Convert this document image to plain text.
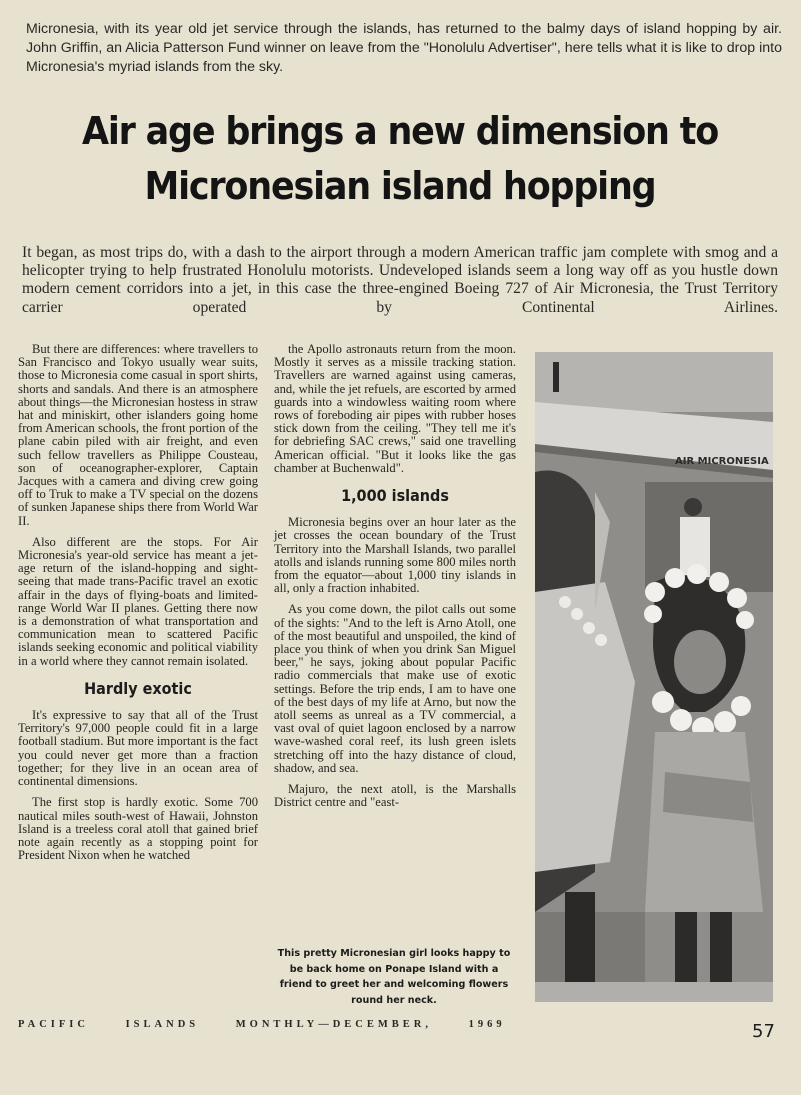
Micronesia, with its year old jet service through the islands, has returned to the balmy days of island hopping by air. John Griffin, an Alicia Patterson Fund winner on leave from the "Honolulu Advertiser", here tells what it is like to drop into Micronesia's myriad islands from the sky.
Air age brings a new dimension to
Micronesian island hopping
It began, as most trips do, with a dash to the airport through a modern American traffic jam complete with smog and a helicopter trying to help frustrated Honolulu motorists. Undeveloped islands seem a long way off as you hustle down modern cement corridors into a jet, in this case the three-engined Boeing 727 of Air Micronesia, the Trust Territory carrier operated by Continental Airlines.

But there are differences: where travellers to San Francisco and Tokyo usually wear suits, those to Micronesia come casual in sport shirts, shorts and sandals. And there is an atmosphere about things—the Micronesian hostess in straw hat and miniskirt, other islanders going home from American schools, the front portion of the plane cabin piled with air freight, and even such fellow travellers as Philippe Cousteau, son of oceanographer-explorer, Captain Jacques with a camera and diving crew going off to Truk to make a TV special on the dozens of sunken Japanese ships there from World War II.

Also different are the stops. For Air Micronesia's year-old service has meant a jet-age return of the island-hopping and sight-seeing that made trans-Pacific travel an exotic affair in the days of flying-boats and limited-range World War II planes. Getting there now is a demonstration of what transportation and communication mean to scattered Pacific islands seeking economic and political viability in a world where they cannot remain isolated.

Hardly exotic

It's expressive to say that all of the Trust Territory's 97,000 people could fit in a large football stadium. But more important is the fact you could never get more than a fraction together; for they live in an ocean area of continental dimensions.

The first stop is hardly exotic. Some 700 nautical miles south-west of Hawaii, Johnston Island is a treeless coral atoll that gained brief note again recently as a stopping point for President Nixon when he watched

the Apollo astronauts return from the moon. Mostly it serves as a missile tracking station. Travellers are warned against using cameras, and, while the jet refuels, are escorted by armed guards into a windowless waiting room where rows of foreboding air pipes with rubber hoses stick down from the ceiling. "They tell me it's for debriefing SAC crews," said one travelling American official. "But it looks like the gas chamber at Buchenwald".

1,000 islands

Micronesia begins over an hour later as the jet crosses the ocean boundary of the Trust Territory into the Marshall Islands, two parallel atolls and islands running some 800 miles north from the equator—about 1,000 tiny islands in all, only a fraction inhabited.

As you come down, the pilot calls out some of the sights: "And to the left is Arno Atoll, one of the most beautiful and unspoiled, the kind of place you think of when you drink San Miguel beer," he says, joking about popular Pacific radio commercials that make use of exotic settings. Before the trip ends, I am to have one of the best days of my life at Arno, but now the atoll seems as unreal as a TV commercial, a vast oval of quiet lagoon enclosed by a narrow wave-washed coral reef, its lush green islets stretching off into the hazy distance of cloud, shadow, and sea.

Majuro, the next atoll, is the Marshalls District centre and "east-

AIR MICRONESIA
This pretty Micronesian girl looks happy to be back home on Ponape Island with a friend to greet her and welcoming flowers round her neck.
PACIFIC ISLANDS MONTHLY—DECEMBER, 1969	57
